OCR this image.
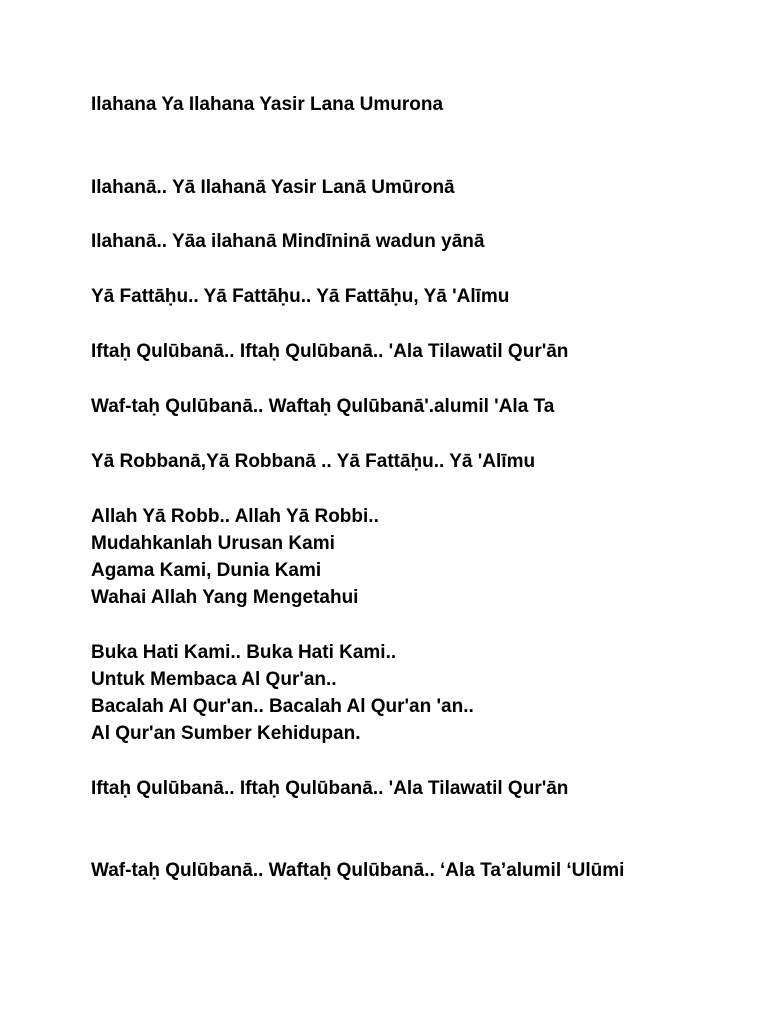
Ilahana Ya Ilahana Yasir Lana Umurona

Ilahanā.. Yā Ilahanā Yasir Lanā Umūronā

Ilahanā.. Yāa ilahanā Mindīninā wadun yānā

Yā Fattāḥu.. Yā Fattāḥu.. Yā Fattāḥu, Yā 'Alīmu

Iftaḥ Qulūbanā.. Iftaḥ Qulūbanā.. 'Ala Tilawatil Qur'ān

Waf-taḥ Qulūbanā.. Waftaḥ Qulūbanā'.alumil 'Ala Ta

Yā Robbanā,Yā Robbanā .. Yā Fattāḥu.. Yā 'Alīmu

Allah Yā Robb.. Allah Yā Robbi..

Mudahkanlah Urusan Kami

Agama Kami, Dunia Kami

Wahai Allah Yang Mengetahui

Buka Hati Kami.. Buka Hati Kami..

Untuk Membaca Al Qur'an..

Bacalah Al Qur'an.. Bacalah Al Qur'an 'an..

Al Qur'an Sumber Kehidupan.

Iftaḥ Qulūbanā.. Iftaḥ Qulūbanā.. 'Ala Tilawatil Qur'ān

Waf-taḥ Qulūbanā.. Waftaḥ Qulūbanā.. ‘Ala Ta’alumil ‘Ulūmi
